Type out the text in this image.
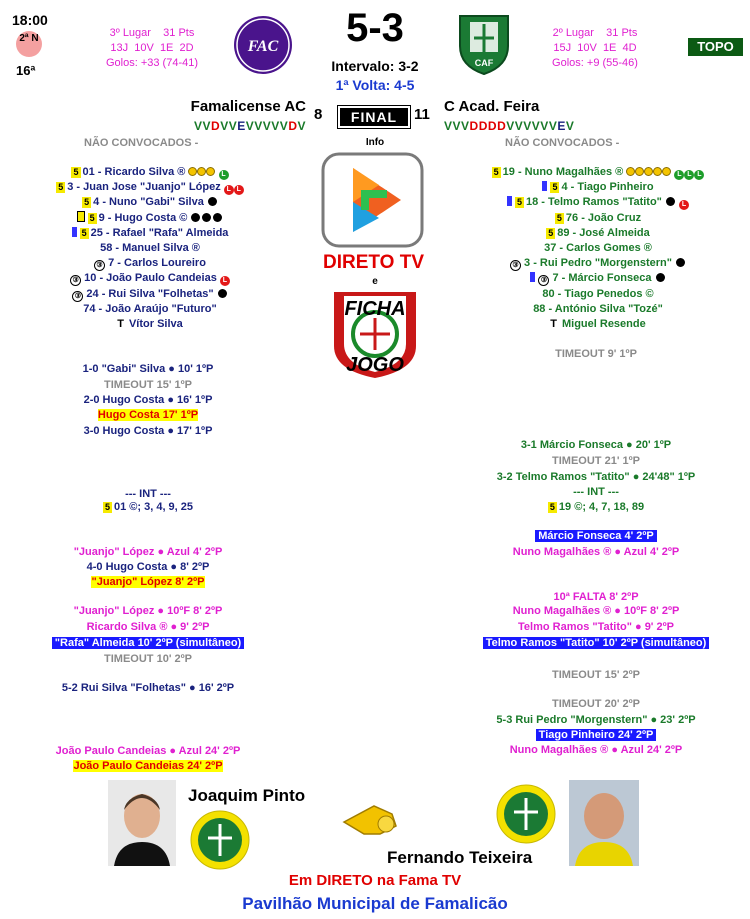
18:00
2ª N
16ª
3º Lugar    31 Pts
13J  10V  1E  2D
Golos: +33 (74-41)
FAC	5-3
Intervalo: 3-2
1ª Volta: 4-5
CAF
2º Lugar    31 Pts
15J  10V  1E  4D
Golos: +9 (55-46)
TOPO
Famalicense AC 8	FINAL	11 C Acad. Feira
VVDVVEVVVVVDV	VVVDDDDVVVVVVEV
NÃO CONVOCADOS -	NÃO CONVOCADOS -
Info
DIRETO TV
e
FICHA
JOGO
5 01 - Ricardo Silva ®	L
5 3 - Juan Jose "Juanjo" López L L
5 4 - Nuno "Gabi" Silva
5 9 - Hugo Costa ©
5 25 - Rafael "Rafa" Almeida
58 - Manuel Silva ®
③ 7 - Carlos Loureiro
③ 10 - João Paulo Candeias L
③ 24 - Rui Silva "Folhetas"
74 - João Araújo "Futuro"
T Vítor Silva
5 19 - Nuno Magalhães ®	L L L
5 4 - Tiago Pinheiro
5 18 - Telmo Ramos "Tatito"	L
5 76 - João Cruz
5 89 - José Almeida
37 - Carlos Gomes ®
③ 3 - Rui Pedro "Morgenstern"
③ 7 - Márcio Fonseca
80 - Tiago Penedos ©
88 - António Silva "Tozé"
T Miguel Resende
1-0 "Gabi" Silva ● 10' 1ºP
TIMEOUT 15' 1ºP
2-0 Hugo Costa ● 16' 1ºP
Hugo Costa 17' 1ºP
3-0 Hugo Costa ● 17' 1ºP
--- INT ---
5 01 ©; 3, 4, 9, 25
"Juanjo" López ● Azul 4' 2ºP
4-0 Hugo Costa ● 8' 2ºP
"Juanjo" López 8' 2ºP
"Juanjo" López ● 10ºF 8' 2ºP
Ricardo Silva ® ● 9' 2ºP
"Rafa" Almeida 10' 2ºP (simultâneo)
TIMEOUT 10' 2ºP
5-2 Rui Silva "Folhetas" ● 16' 2ºP
João Paulo Candeias ● Azul 24' 2ºP
João Paulo Candeias 24' 2ºP
TIMEOUT 9' 1ºP
3-1 Márcio Fonseca ● 20' 1ºP
TIMEOUT 21' 1ºP
3-2 Telmo Ramos "Tatito" ● 24'48" 1ºP
--- INT ---
5 19 ©; 4, 7, 18, 89
Márcio Fonseca 4' 2ºP
Nuno Magalhães ® ● Azul 4' 2ºP
10ª FALTA 8' 2ºP
Nuno Magalhães ® ● 10ºF 8' 2ºP
Telmo Ramos "Tatito" ● 9' 2ºP
Telmo Ramos "Tatito" 10' 2ºP (simultâneo)
TIMEOUT 15' 2ºP
TIMEOUT 20' 2ºP
5-3 Rui Pedro "Morgenstern" ● 23' 2ºP
Tiago Pinheiro 24' 2ºP
Nuno Magalhães ® ● Azul 24' 2ºP
Joaquim Pinto
Fernando Teixeira
Em DIRETO na Fama TV
Pavilhão Municipal de Famalicão
